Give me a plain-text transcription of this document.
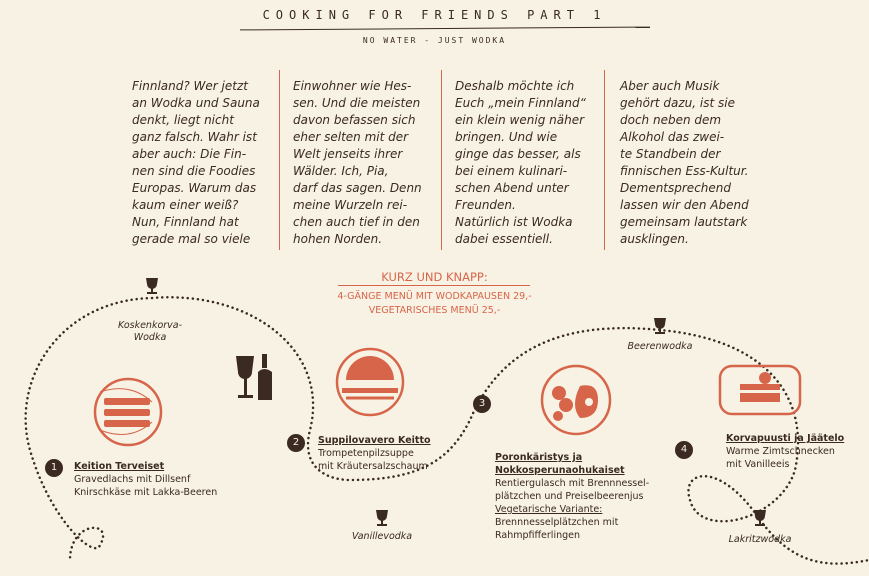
COOKING FOR FRIENDS PART 1
NO WATER - JUST WODKA
Finnland? Wer jetzt
an Wodka und Sauna
denkt, liegt nicht
ganz falsch. Wahr ist
aber auch: Die Fin-
nen sind die Foodies
Europas. Warum das
kaum einer weiß?
Nun, Finnland hat
gerade mal so viele
Einwohner wie Hes-
sen. Und die meisten
davon befassen sich
eher selten mit der
Welt jenseits ihrer
Wälder. Ich, Pia,
darf das sagen. Denn
meine Wurzeln rei-
chen auch tief in den
hohen Norden.
Deshalb möchte ich
Euch „mein Finnland“
ein klein wenig näher
bringen. Und wie
ginge das besser, als
bei einem kulinari-
schen Abend unter
Freunden.
Natürlich ist Wodka
dabei essentiell.
Aber auch Musik
gehört dazu, ist sie
doch neben dem
Alkohol das zwei-
te Standbein der
finnischen Ess-Kultur.
Dementsprechend
lassen wir den Abend
gemeinsam lautstark
ausklingen.
KURZ UND KNAPP:
4-GÄNGE MENÜ MIT WODKAPAUSEN 29,-
VEGETARISCHES MENÜ 25,-
Koskenkorva-
Wodka
Vanillevodka
Beerenwodka
Lakritzwodka
1
2
3
4
Keition Terveiset
Gravedlachs mit Dillsenf
Knirschkäse mit Lakka-Beeren
Suppilovavero Keitto
Trompetenpilzsuppe
mit Kräutersalzschaum
Poronkäristys ja
Nokkosperunaohukaiset
Rentiergulasch mit Brennnessel-
plätzchen und Preiselbeerenjus
Vegetarische Variante:
Brennnesselplätzchen mit
Rahmpfifferlingen
Korvapuusti ja Jäätelo
Warme Zimtschnecken
mit Vanilleeis
